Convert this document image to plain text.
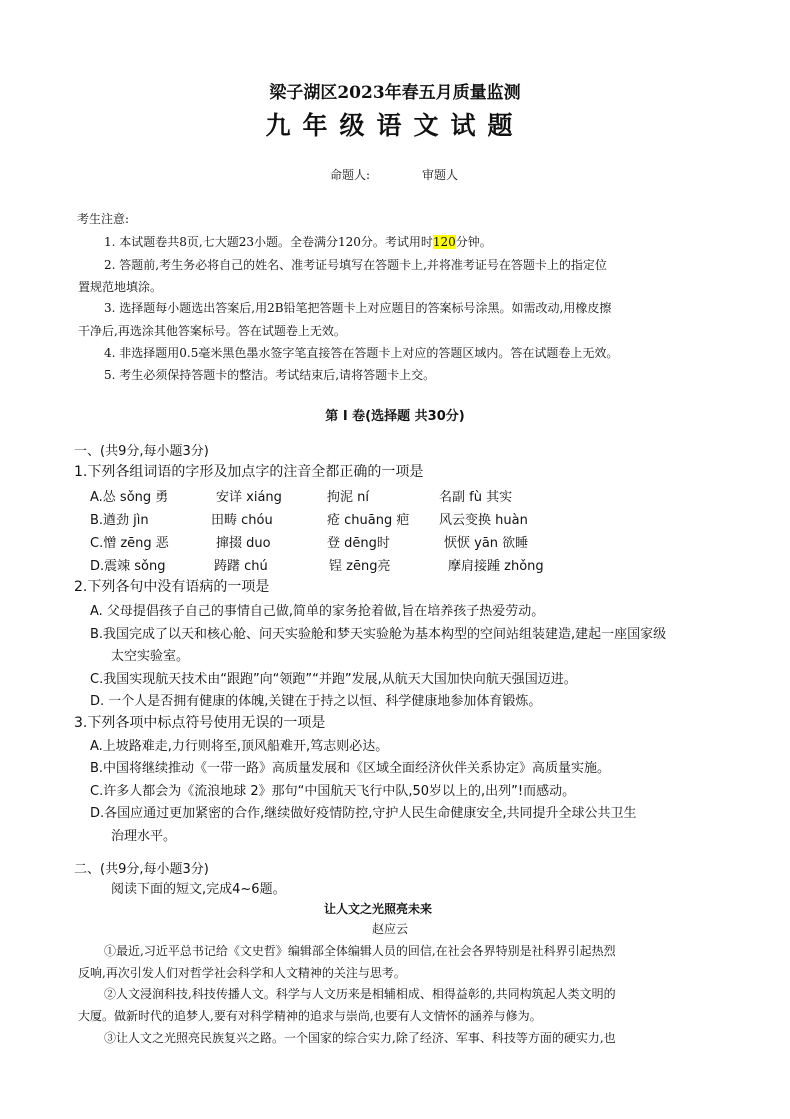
梁子湖区2023年春五月质量监测
九年级语文试题
命题人:	审题人
考生注意:
1. 本试题卷共8页,七大题23小题。全卷满分120分。考试用时120分钟。
2. 答题前,考生务必将自己的姓名、准考证号填写在答题卡上,并将准考证号在答题卡上的指定位
置规范地填涂。
3. 选择题每小题选出答案后,用2B铅笔把答题卡上对应题目的答案标号涂黑。如需改动,用橡皮擦
干净后,再选涂其他答案标号。答在试题卷上无效。
4. 非选择题用0.5毫米黑色墨水签字笔直接答在答题卡上对应的答题区域内。答在试题卷上无效。
5. 考生必须保持答题卡的整洁。考试结束后,请将答题卡上交。
第 I 卷(选择题 共30分)
一、(共9分,每小题3分)
1.下列各组词语的字形及加点字的注音全都正确的一项是
A.怂 sǒng 勇	安详 xiáng	拘泥 ní	名副 fù 其实
B.遒劲 jìn	田畴 chóu	疮 chuāng 疤 风云变换 huàn
C.憎 zēng 恶	撺掇 duo	登 dēng时	恹恹 yān 欲睡
D.震竦 sǒng	踌躇 chú	锃 zēng亮	摩肩接踵 zhǒng
2.下列各句中没有语病的一项是
A. 父母提倡孩子自己的事情自己做,简单的家务抢着做,旨在培养孩子热爱劳动。
B.我国完成了以天和核心舱、问天实验舱和梦天实验舱为基本构型的空间站组装建造,建起一座国家级
太空实验室。
C.我国实现航天技术由“跟跑”向“领跑”“并跑”发展,从航天大国加快向航天强国迈进。
D. 一个人是否拥有健康的体魄,关键在于持之以恒、科学健康地参加体育锻炼。
3.下列各项中标点符号使用无误的一项是
A.上坡路难走,力行则将至,顶风船难开,笃志则必达。
B.中国将继续推动《一带一路》高质量发展和《区域全面经济伙伴关系协定》高质量实施。
C.许多人都会为《流浪地球 2》那句“中国航天飞行中队,50岁以上的,出列”!而感动。
D.各国应通过更加紧密的合作,继续做好疫情防控,守护人民生命健康安全,共同提升全球公共卫生
治理水平。
二、(共9分,每小题3分)
阅读下面的短文,完成4~6题。
让人文之光照亮未来
赵应云
①最近,习近平总书记给《文史哲》编辑部全体编辑人员的回信,在社会各界特别是社科界引起热烈
反响,再次引发人们对哲学社会科学和人文精神的关注与思考。
②人文浸润科技,科技传播人文。科学与人文历来是相辅相成、相得益彰的,共同构筑起人类文明的
大厦。做新时代的追梦人,要有对科学精神的追求与崇尚,也要有人文情怀的涵养与修为。
③让人文之光照亮民族复兴之路。一个国家的综合实力,除了经济、军事、科技等方面的硬实力,也
